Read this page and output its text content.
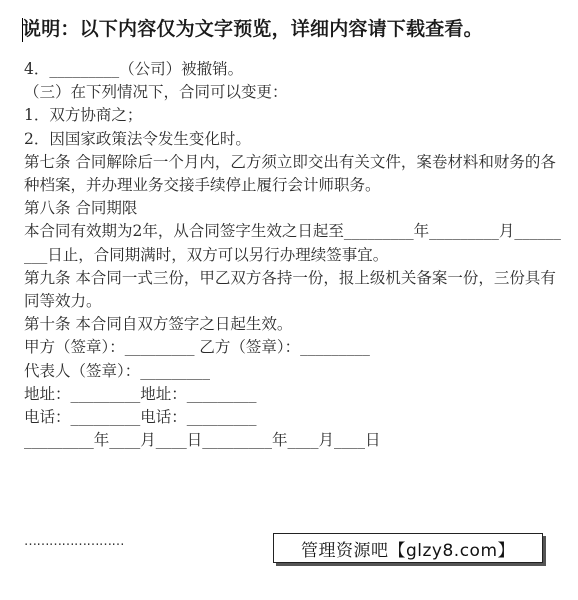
说明：以下内容仅为文字预览，详细内容请下载查看。

4．_________（公司）被撤销。

（三）在下列情况下，合同可以变更：

1．双方协商之；

2．因国家政策法令发生变化时。

第七条 合同解除后一个月内，乙方须立即交出有关文件，案卷材料和财务的各种档案，并办理业务交接手续停止履行会计师职务。

第八条 合同期限

本合同有效期为2年，从合同签字生效之日起至_________年_________月_________日止，合同期满时，双方可以另行办理续签事宜。

第九条 本合同一式三份，甲乙双方各持一份，报上级机关备案一份，三份具有同等效力。

第十条 本合同自双方签字之日起生效。

甲方（签章）：_________ 乙方（签章）：_________

代表人（签章）：_________

地址：_________地址：_________

电话：_________电话：_________

_________年____月____日_________年____月____日

……………………	管理资源吧【glzy8.com】
